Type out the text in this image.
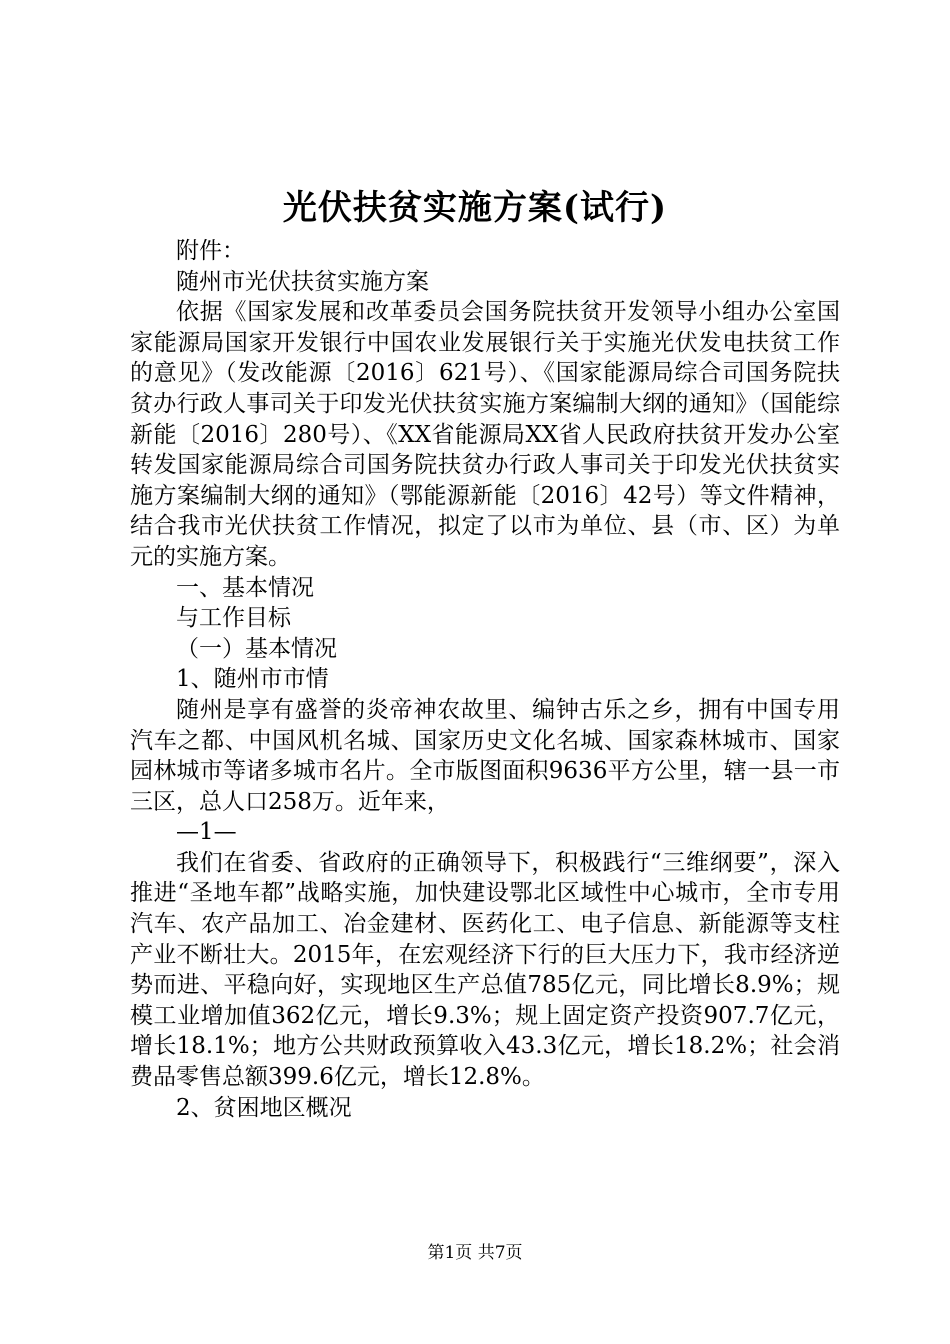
光伏扶贫实施方案(试行)

附件：

随州市光伏扶贫实施方案

依据《国家发展和改革委员会国务院扶贫开发领导小组办公室国家能源局国家开发银行中国农业发展银行关于实施光伏发电扶贫工作的意见》（发改能源〔2016〕621号）、《国家能源局综合司国务院扶贫办行政人事司关于印发光伏扶贫实施方案编制大纲的通知》（国能综新能〔2016〕280号）、《XX省能源局XX省人民政府扶贫开发办公室转发国家能源局综合司国务院扶贫办行政人事司关于印发光伏扶贫实施方案编制大纲的通知》（鄂能源新能〔2016〕42号）等文件精神，结合我市光伏扶贫工作情况，拟定了以市为单位、县（市、区）为单元的实施方案。

一、基本情况

与工作目标

（一）基本情况

1、随州市市情

随州是享有盛誉的炎帝神农故里、编钟古乐之乡，拥有中国专用汽车之都、中国风机名城、国家历史文化名城、国家森林城市、国家园林城市等诸多城市名片。全市版图面积9636平方公里，辖一县一市三区，总人口258万。近年来，

—1—

我们在省委、省政府的正确领导下，积极践行“三维纲要”，深入推进“圣地车都”战略实施，加快建设鄂北区域性中心城市，全市专用汽车、农产品加工、冶金建材、医药化工、电子信息、新能源等支柱产业不断壮大。2015年，在宏观经济下行的巨大压力下，我市经济逆势而进、平稳向好，实现地区生产总值785亿元，同比增长8.9%；规模工业增加值362亿元，增长9.3%；规上固定资产投资907.7亿元，增长18.1%；地方公共财政预算收入43.3亿元，增长18.2%；社会消费品零售总额399.6亿元，增长12.8%。

2、贫困地区概况

第1页 共7页
